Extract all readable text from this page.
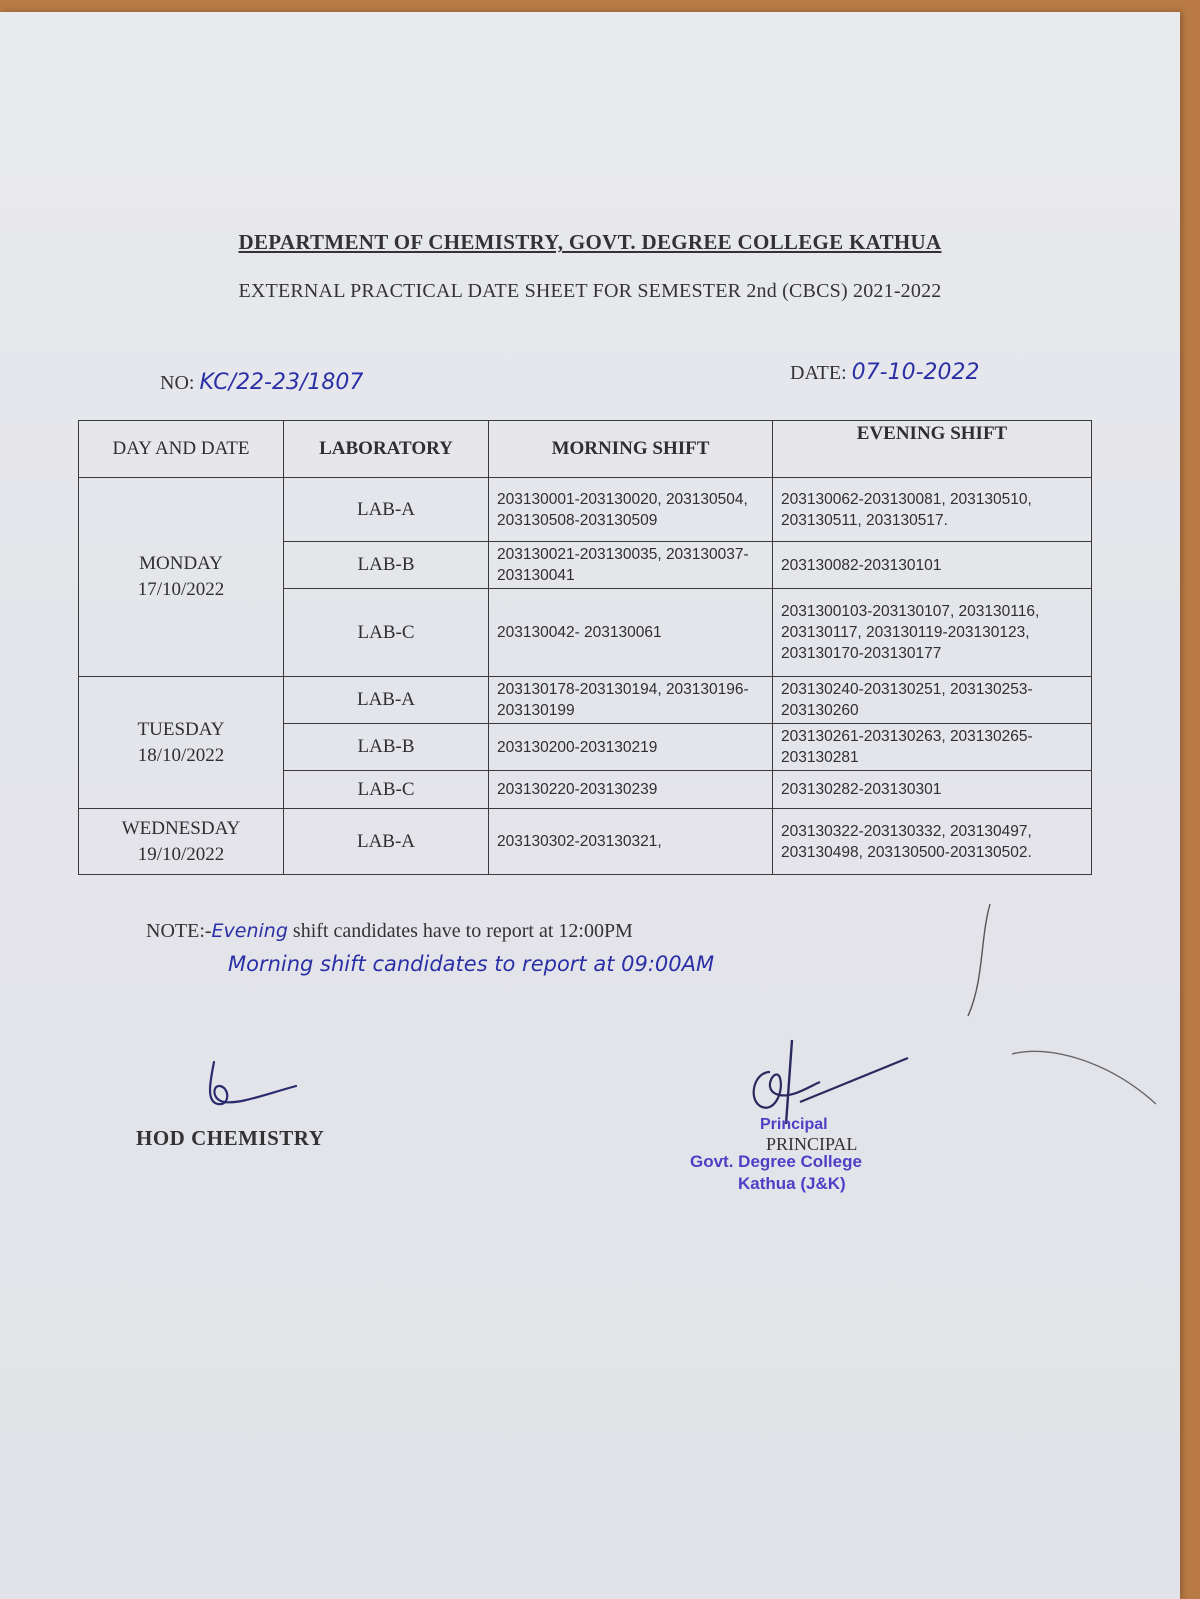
DEPARTMENT OF CHEMISTRY, GOVT. DEGREE COLLEGE KATHUA
EXTERNAL PRACTICAL DATE SHEET FOR SEMESTER 2nd (CBCS) 2021-2022
NO: KC/22-23/1807	DATE: 07-10-2022
DAY AND DATE	LABORATORY	MORNING SHIFT	EVENING SHIFT

MONDAY
17/10/2022	LAB-A	203130001-203130020, 203130504, 203130508-203130509	203130062-203130081, 203130510, 203130511, 203130517.
	LAB-B	203130021-203130035, 203130037-203130041	203130082-203130101
	LAB-C	203130042- 203130061	2031300103-203130107, 203130116, 203130117, 203130119-203130123, 203130170-203130177

TUESDAY
18/10/2022	LAB-A	203130178-203130194, 203130196-203130199	203130240-203130251, 203130253-203130260
	LAB-B	203130200-203130219	203130261-203130263, 203130265-203130281
	LAB-C	203130220-203130239	203130282-203130301

WEDNESDAY
19/10/2022	LAB-A	203130302-203130321,	203130322-203130332, 203130497, 203130498, 203130500-203130502.
NOTE:-Evening shift candidates have to report at 12:00PM
Morning shift candidates to report at 09:00AM
HOD CHEMISTRY	PRINCIPAL
Principal
Govt. Degree College
Kathua (J&K)
